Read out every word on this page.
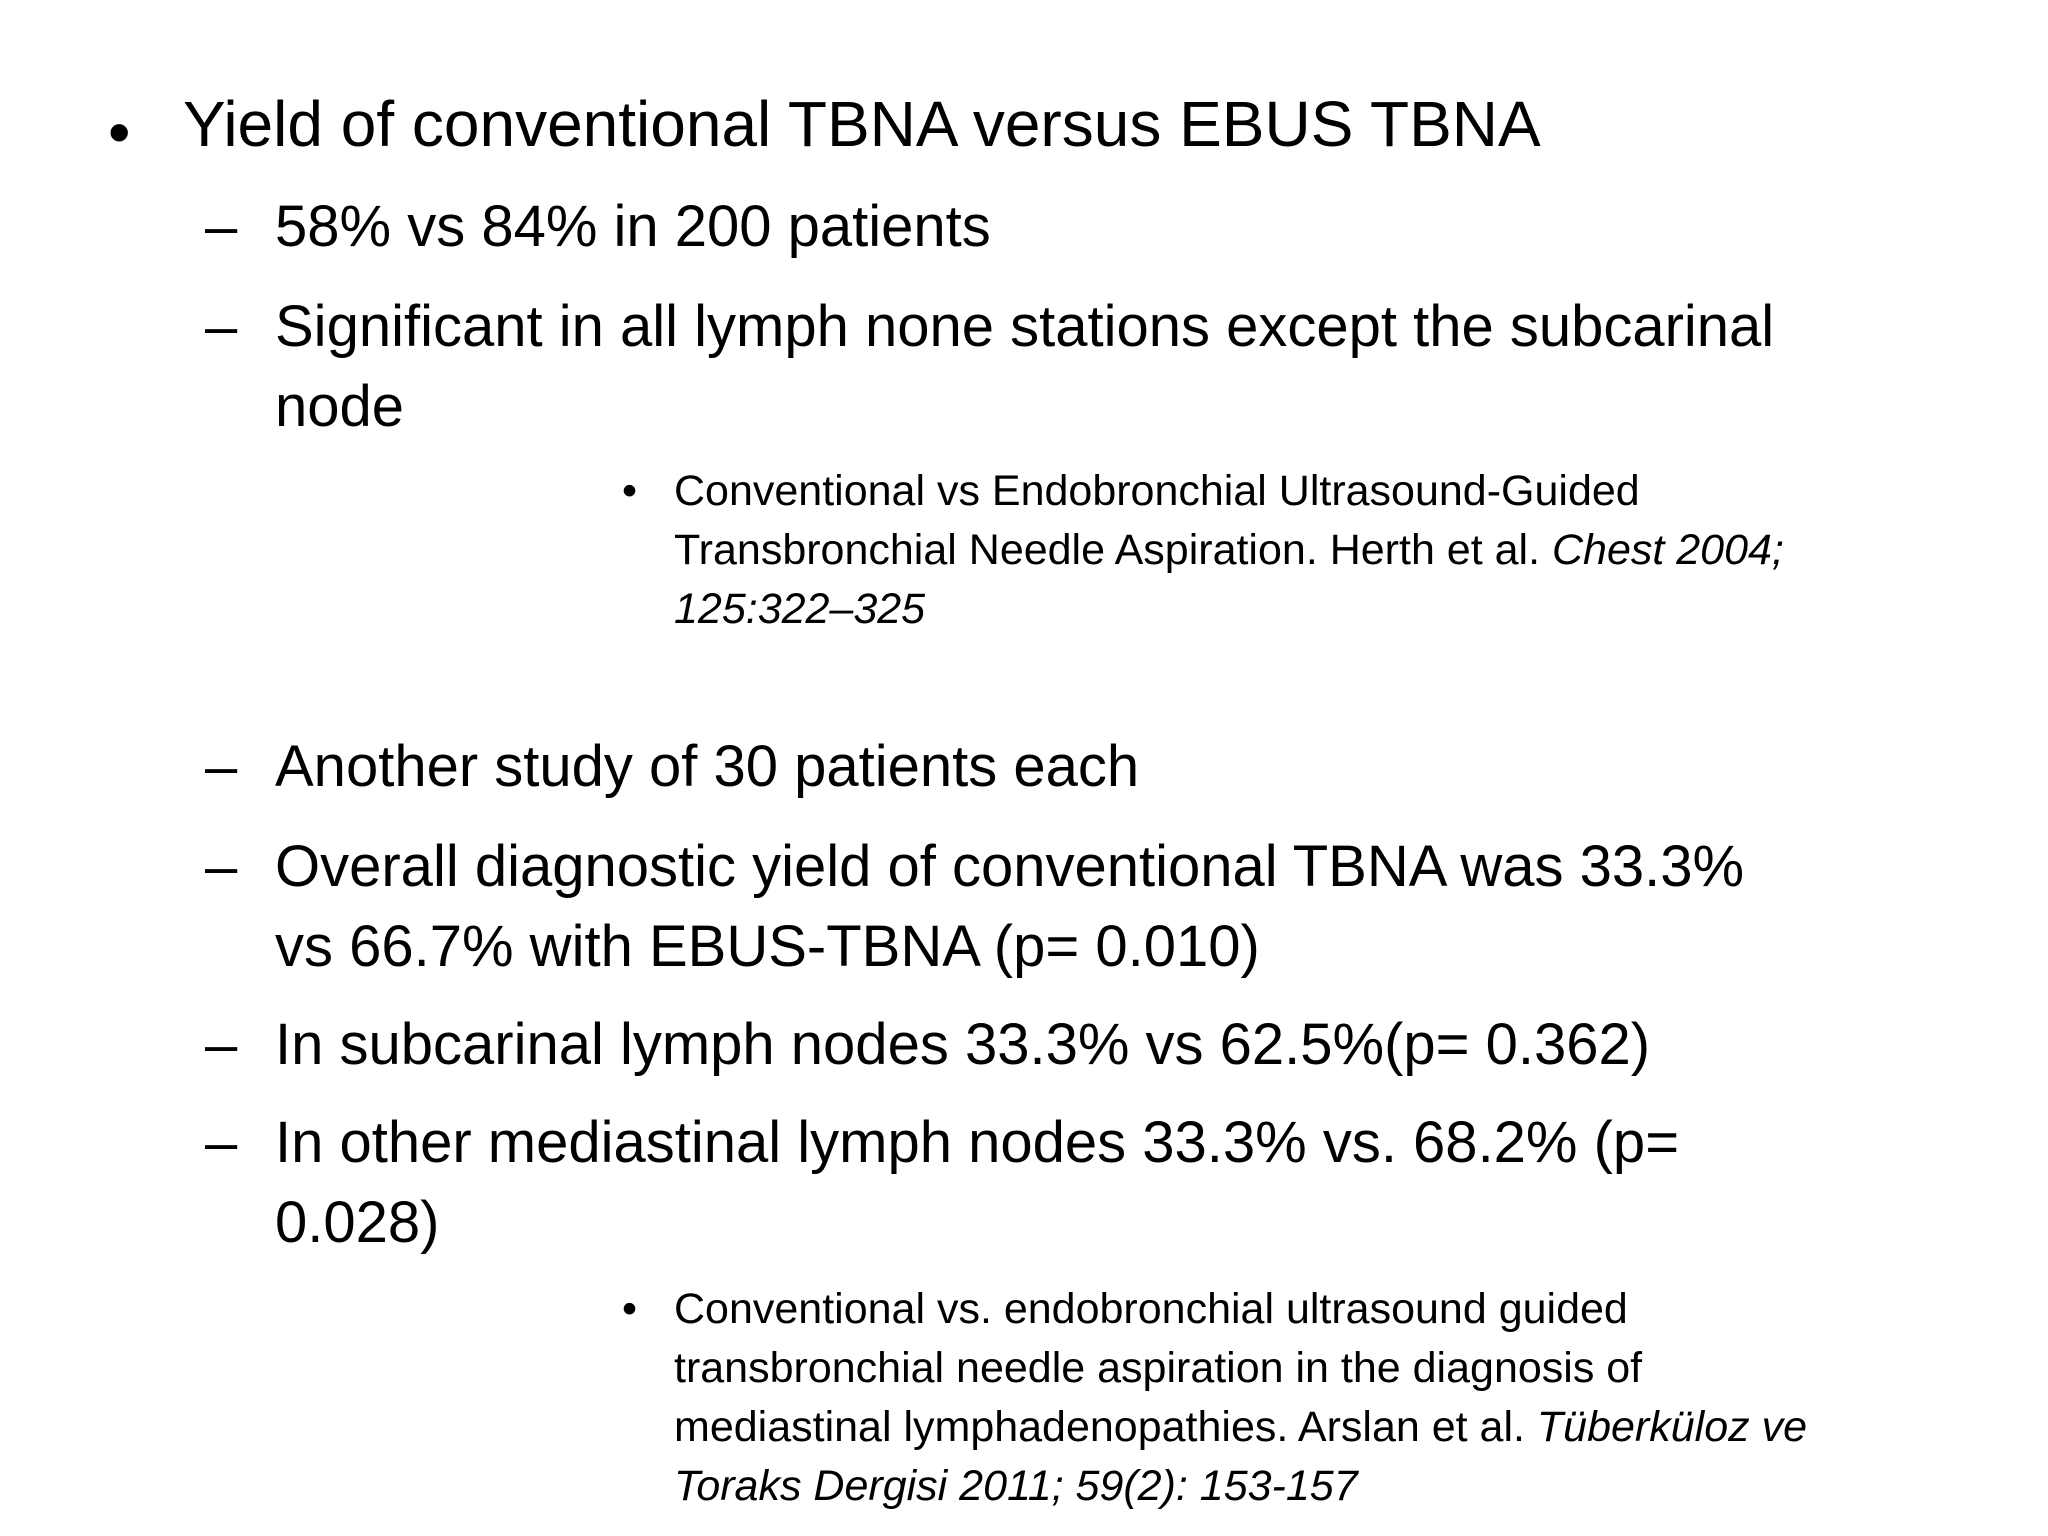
• Yield of conventional TBNA versus EBUS TBNA
– 58% vs 84% in 200 patients
– Significant in all lymph none stations except the subcarinal
node
• Conventional vs Endobronchial Ultrasound-Guided
Transbronchial Needle Aspiration. Herth et al. Chest 2004;
125:322–325
– Another study of 30 patients each
– Overall diagnostic yield of conventional TBNA was 33.3%
vs 66.7% with EBUS-TBNA (p= 0.010)
– In subcarinal lymph nodes 33.3% vs 62.5%(p= 0.362)
– In other mediastinal lymph nodes 33.3% vs. 68.2% (p=
0.028)
• Conventional vs. endobronchial ultrasound guided
transbronchial needle aspiration in the diagnosis of
mediastinal lymphadenopathies. Arslan et al. Tüberküloz ve
Toraks Dergisi 2011; 59(2): 153-157
